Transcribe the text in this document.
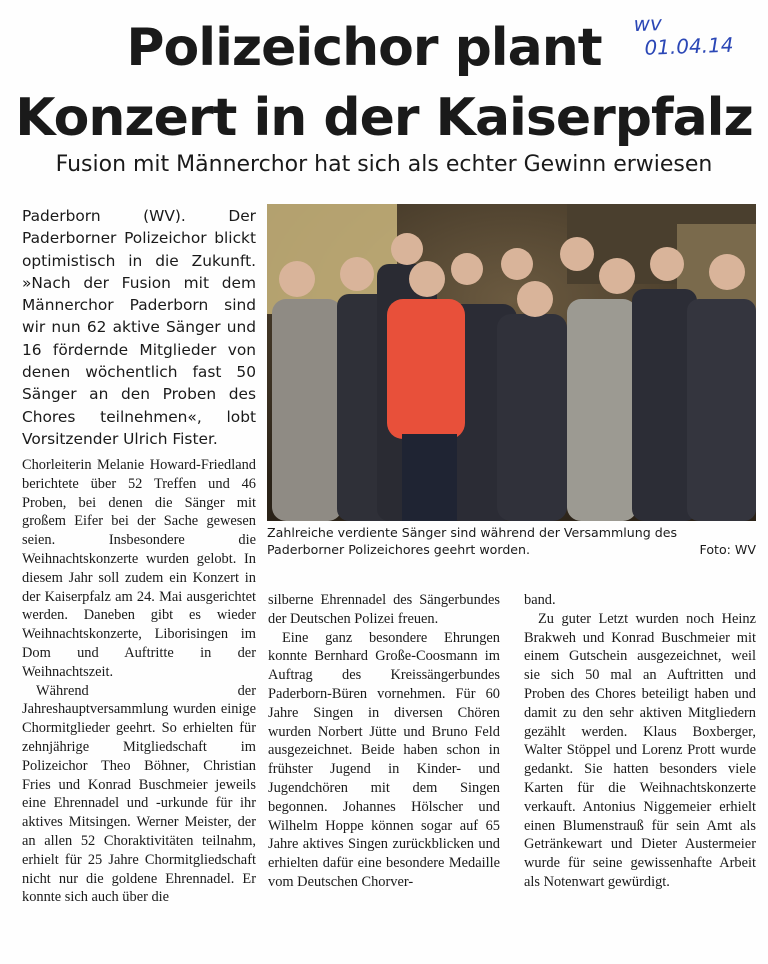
Polizeichor plant
Konzert in der Kaiserpfalz
Fusion mit Männerchor hat sich als echter Gewinn erwiesen
wv
01.04.14
Paderborn (WV). Der Paderborner Polizeichor blickt optimistisch in die Zukunft. »Nach der Fusion mit dem Männerchor Paderborn sind wir nun 62 aktive Sänger und 16 fördernde Mitglieder von denen wöchentlich fast 50 Sänger an den Proben des Chores teilnehmen«, lobt Vorsitzender Ulrich Fister.

Chorleiterin Melanie Howard-Friedland berichtete über 52 Treffen und 46 Proben, bei denen die Sänger mit großem Eifer bei der Sache gewesen seien. Insbesondere die Weihnachtskonzerte wurden gelobt. In diesem Jahr soll zudem ein Konzert in der Kaiserpfalz am 24. Mai ausgerichtet werden. Daneben gibt es wieder Weihnachtskonzerte, Liborisingen im Dom und Auftritte in der Weihnachtszeit.

Während der Jahreshauptversammlung wurden einige Chormitglieder geehrt. So erhielten für zehnjährige Mitgliedschaft im Polizeichor Theo Böhner, Christian Fries und Konrad Buschmeier jeweils eine Ehrennadel und -urkunde für ihr aktives Mitsingen. Werner Meister, der an allen 52 Choraktivitäten teilnahm, erhielt für 25 Jahre Chormitgliedschaft nicht nur die goldene Ehrennadel. Er konnte sich auch über die

Zahlreiche verdiente Sänger sind während der Versammlung des Paderborner Polizeichores geehrt worden.	Foto: WV

silberne Ehrennadel des Sängerbundes der Deutschen Polizei freuen.

Eine ganz besondere Ehrungen konnte Bernhard Große-Coosmann im Auftrag des Kreissängerbundes Paderborn-Büren vornehmen. Für 60 Jahre Singen in diversen Chören wurden Norbert Jütte und Bruno Feld ausgezeichnet. Beide haben schon in frühster Jugend in Kinder- und Jugendchören mit dem Singen begonnen. Johannes Hölscher und Wilhelm Hoppe können sogar auf 65 Jahre aktives Singen zurückblicken und erhielten dafür eine besondere Medaille vom Deutschen Chorver-

band.

Zu guter Letzt wurden noch Heinz Brakweh und Konrad Buschmeier mit einem Gutschein ausgezeichnet, weil sie sich 50 mal an Auftritten und Proben des Chores beteiligt haben und damit zu den sehr aktiven Mitgliedern gezählt werden. Klaus Boxberger, Walter Stöppel und Lorenz Prott wurde gedankt. Sie hatten besonders viele Karten für die Weihnachtskonzerte verkauft. Antonius Niggemeier erhielt einen Blumenstrauß für sein Amt als Getränkewart und Dieter Austermeier wurde für seine gewissenhafte Arbeit als Notenwart gewürdigt.
